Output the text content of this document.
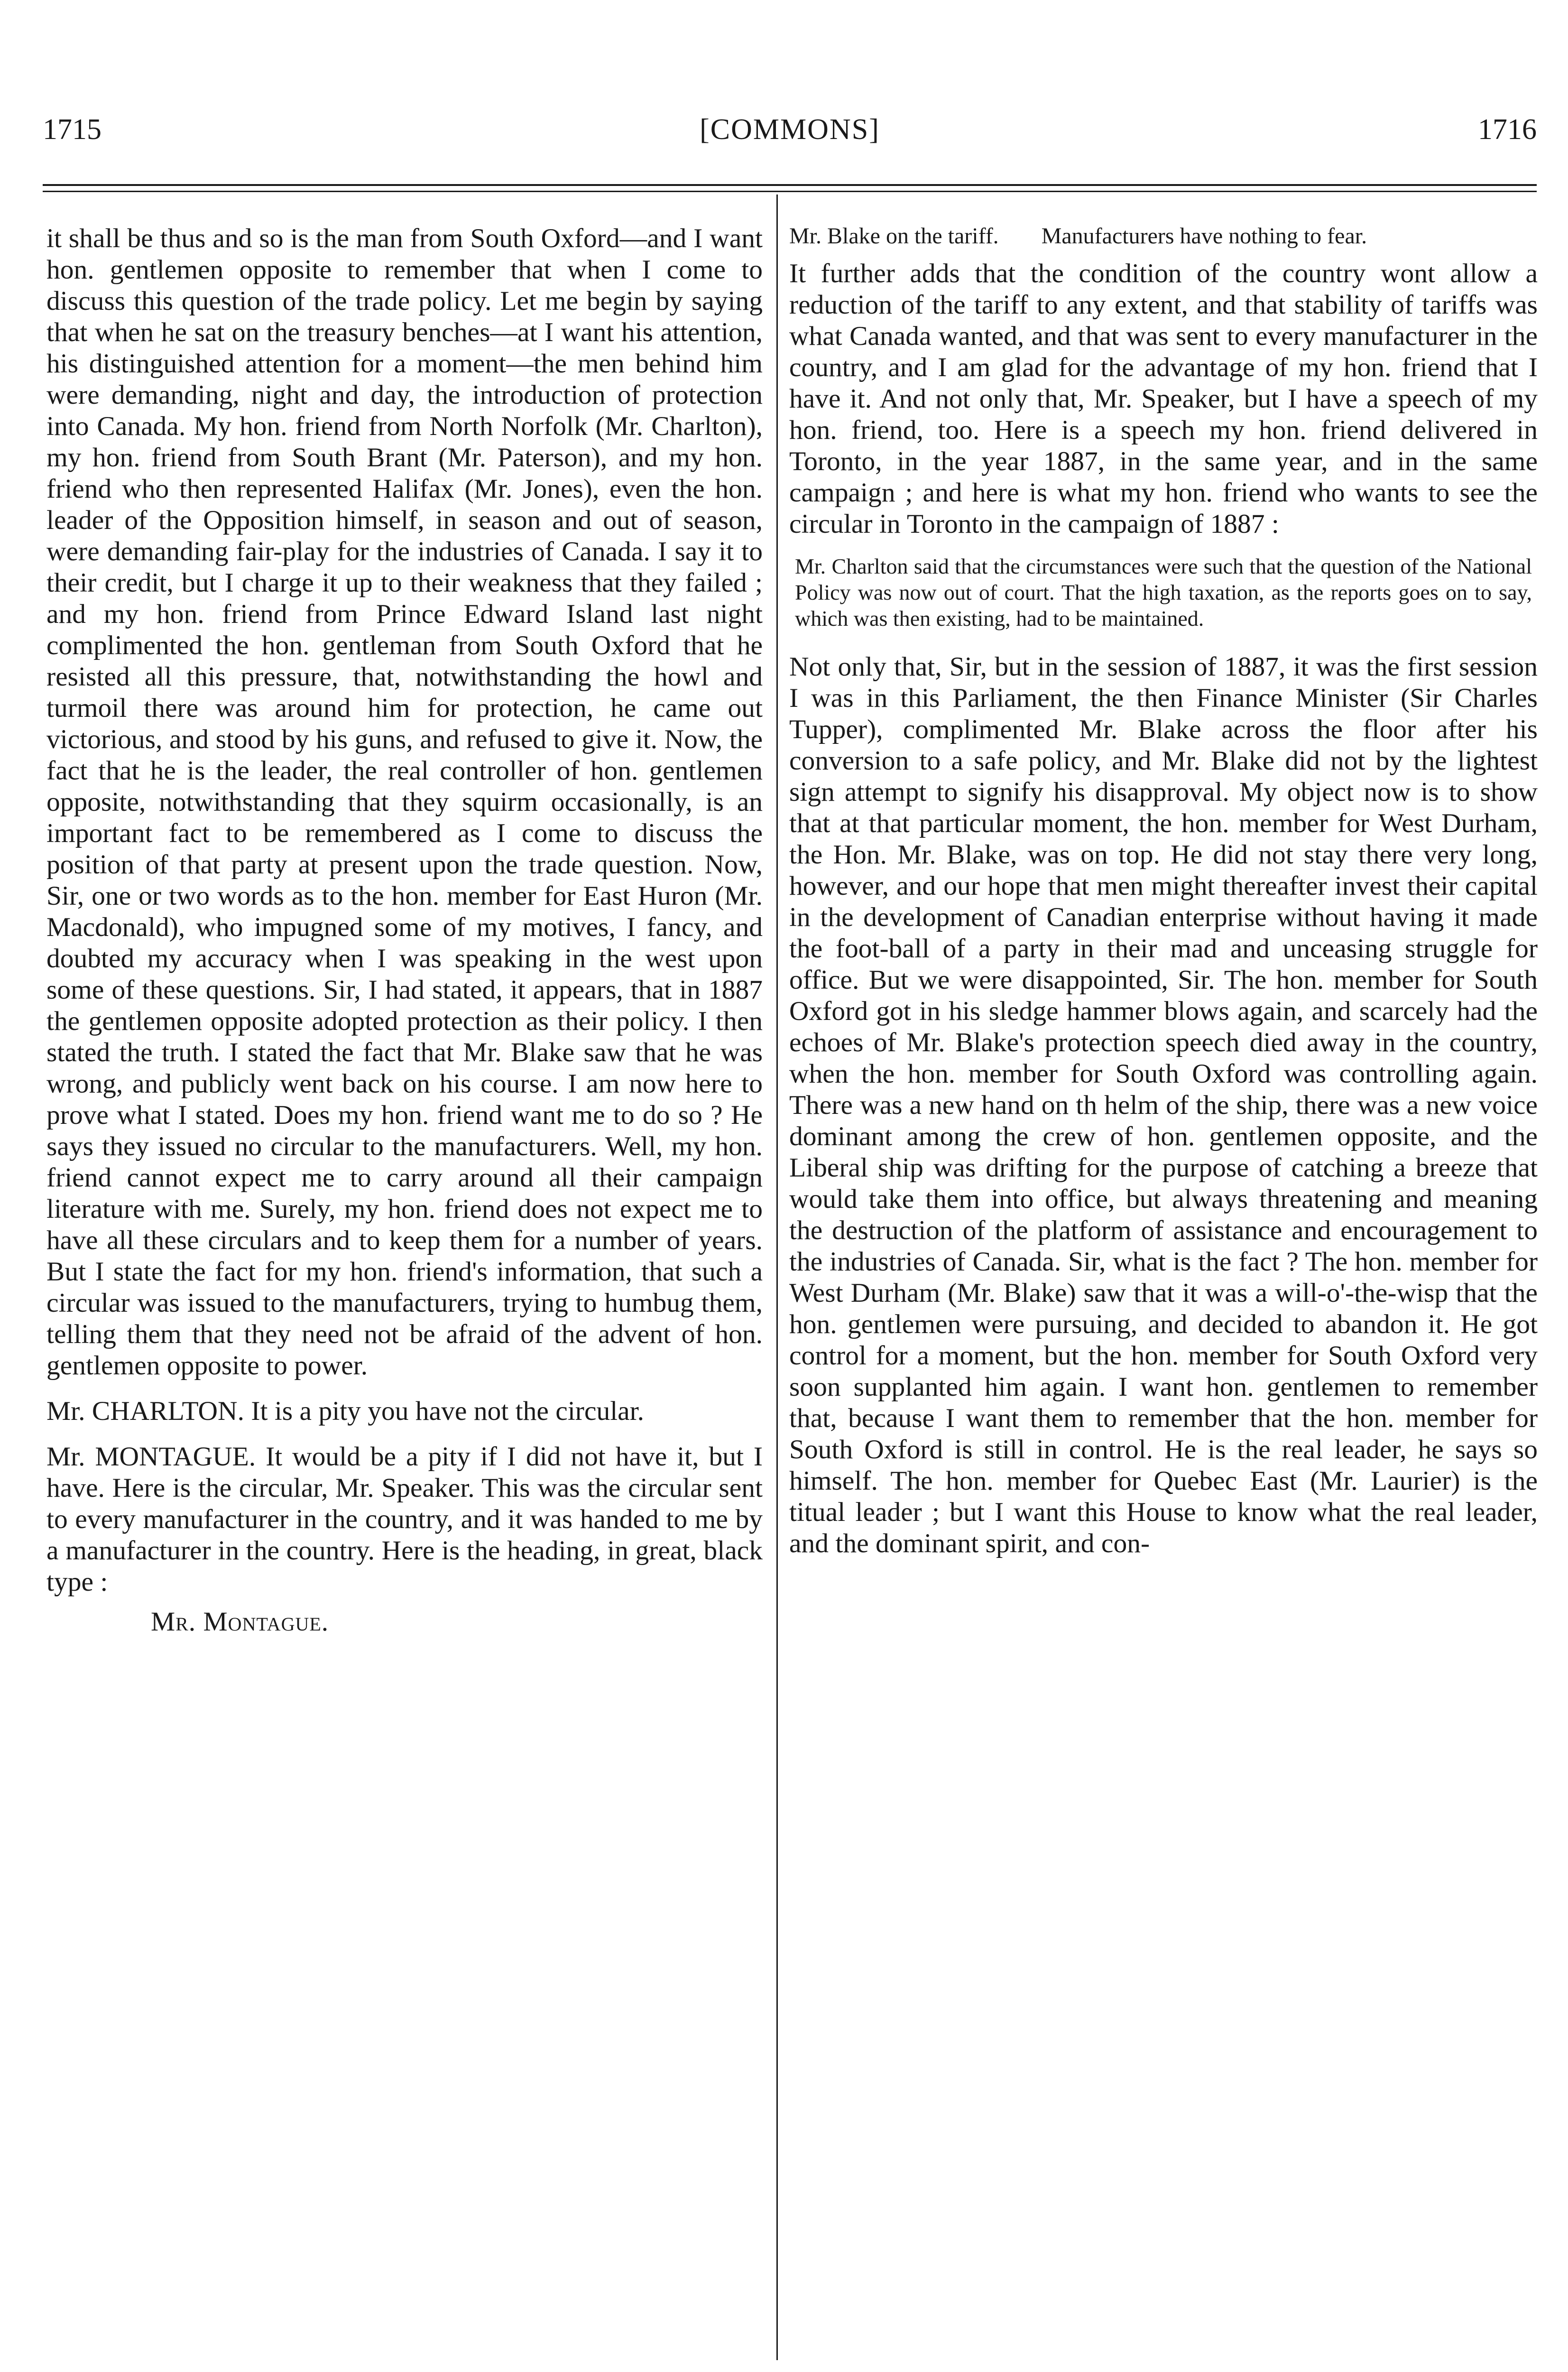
1715	[COMMONS]	1716

it shall be thus and so is the man from South Oxford—and I want hon. gentlemen opposite to remember that when I come to discuss this question of the trade policy. Let me begin by saying that when he sat on the treasury benches—at I want his attention, his distinguished attention for a moment—the men behind him were demanding, night and day, the introduction of protection into Canada. My hon. friend from North Norfolk (Mr. Charlton), my hon. friend from South Brant (Mr. Paterson), and my hon. friend who then represented Halifax (Mr. Jones), even the hon. leader of the Opposition himself, in season and out of season, were demanding fair-play for the industries of Canada. I say it to their credit, but I charge it up to their weakness that they failed ; and my hon. friend from Prince Edward Island last night complimented the hon. gentleman from South Oxford that he resisted all this pressure, that, notwithstanding the howl and turmoil there was around him for protection, he came out victorious, and stood by his guns, and refused to give it. Now, the fact that he is the leader, the real controller of hon. gentlemen opposite, notwithstanding that they squirm occasionally, is an important fact to be remembered as I come to discuss the position of that party at present upon the trade question. Now, Sir, one or two words as to the hon. member for East Huron (Mr. Macdonald), who impugned some of my motives, I fancy, and doubted my accuracy when I was speaking in the west upon some of these questions. Sir, I had stated, it appears, that in 1887 the gentlemen opposite adopted protection as their policy. I then stated the truth. I stated the fact that Mr. Blake saw that he was wrong, and publicly went back on his course. I am now here to prove what I stated. Does my hon. friend want me to do so ? He says they issued no circular to the manufacturers. Well, my hon. friend cannot expect me to carry around all their campaign literature with me. Surely, my hon. friend does not expect me to have all these circulars and to keep them for a number of years. But I state the fact for my hon. friend's information, that such a circular was issued to the manufacturers, trying to humbug them, telling them that they need not be afraid of the advent of hon. gentlemen opposite to power.

Mr. CHARLTON. It is a pity you have not the circular.

Mr. MONTAGUE. It would be a pity if I did not have it, but I have. Here is the circular, Mr. Speaker. This was the circular sent to every manufacturer in the country, and it was handed to me by a manufacturer in the country. Here is the heading, in great, black type :

Mr. Montague.

Mr. Blake on the tariff. Manufacturers have nothing to fear.

It further adds that the condition of the country wont allow a reduction of the tariff to any extent, and that stability of tariffs was what Canada wanted, and that was sent to every manufacturer in the country, and I am glad for the advantage of my hon. friend that I have it. And not only that, Mr. Speaker, but I have a speech of my hon. friend, too. Here is a speech my hon. friend delivered in Toronto, in the year 1887, in the same year, and in the same campaign ; and here is what my hon. friend who wants to see the circular in Toronto in the campaign of 1887 :

Mr. Charlton said that the circumstances were such that the question of the National Policy was now out of court. That the high taxation, as the reports goes on to say, which was then existing, had to be maintained.

Not only that, Sir, but in the session of 1887, it was the first session I was in this Parliament, the then Finance Minister (Sir Charles Tupper), complimented Mr. Blake across the floor after his conversion to a safe policy, and Mr. Blake did not by the lightest sign attempt to signify his disapproval. My object now is to show that at that particular moment, the hon. member for West Durham, the Hon. Mr. Blake, was on top. He did not stay there very long, however, and our hope that men might thereafter invest their capital in the development of Canadian enterprise without having it made the foot-ball of a party in their mad and unceasing struggle for office. But we were disappointed, Sir. The hon. member for South Oxford got in his sledge hammer blows again, and scarcely had the echoes of Mr. Blake's protection speech died away in the country, when the hon. member for South Oxford was controlling again. There was a new hand on th helm of the ship, there was a new voice dominant among the crew of hon. gentlemen opposite, and the Liberal ship was drifting for the purpose of catching a breeze that would take them into office, but always threatening and meaning the destruction of the platform of assistance and encouragement to the industries of Canada. Sir, what is the fact ? The hon. member for West Durham (Mr. Blake) saw that it was a will-o'-the-wisp that the hon. gentlemen were pursuing, and decided to abandon it. He got control for a moment, but the hon. member for South Oxford very soon supplanted him again. I want hon. gentlemen to remember that, because I want them to remember that the hon. member for South Oxford is still in control. He is the real leader, he says so himself. The hon. member for Quebec East (Mr. Laurier) is the titual leader ; but I want this House to know what the real leader, and the dominant spirit, and con-
